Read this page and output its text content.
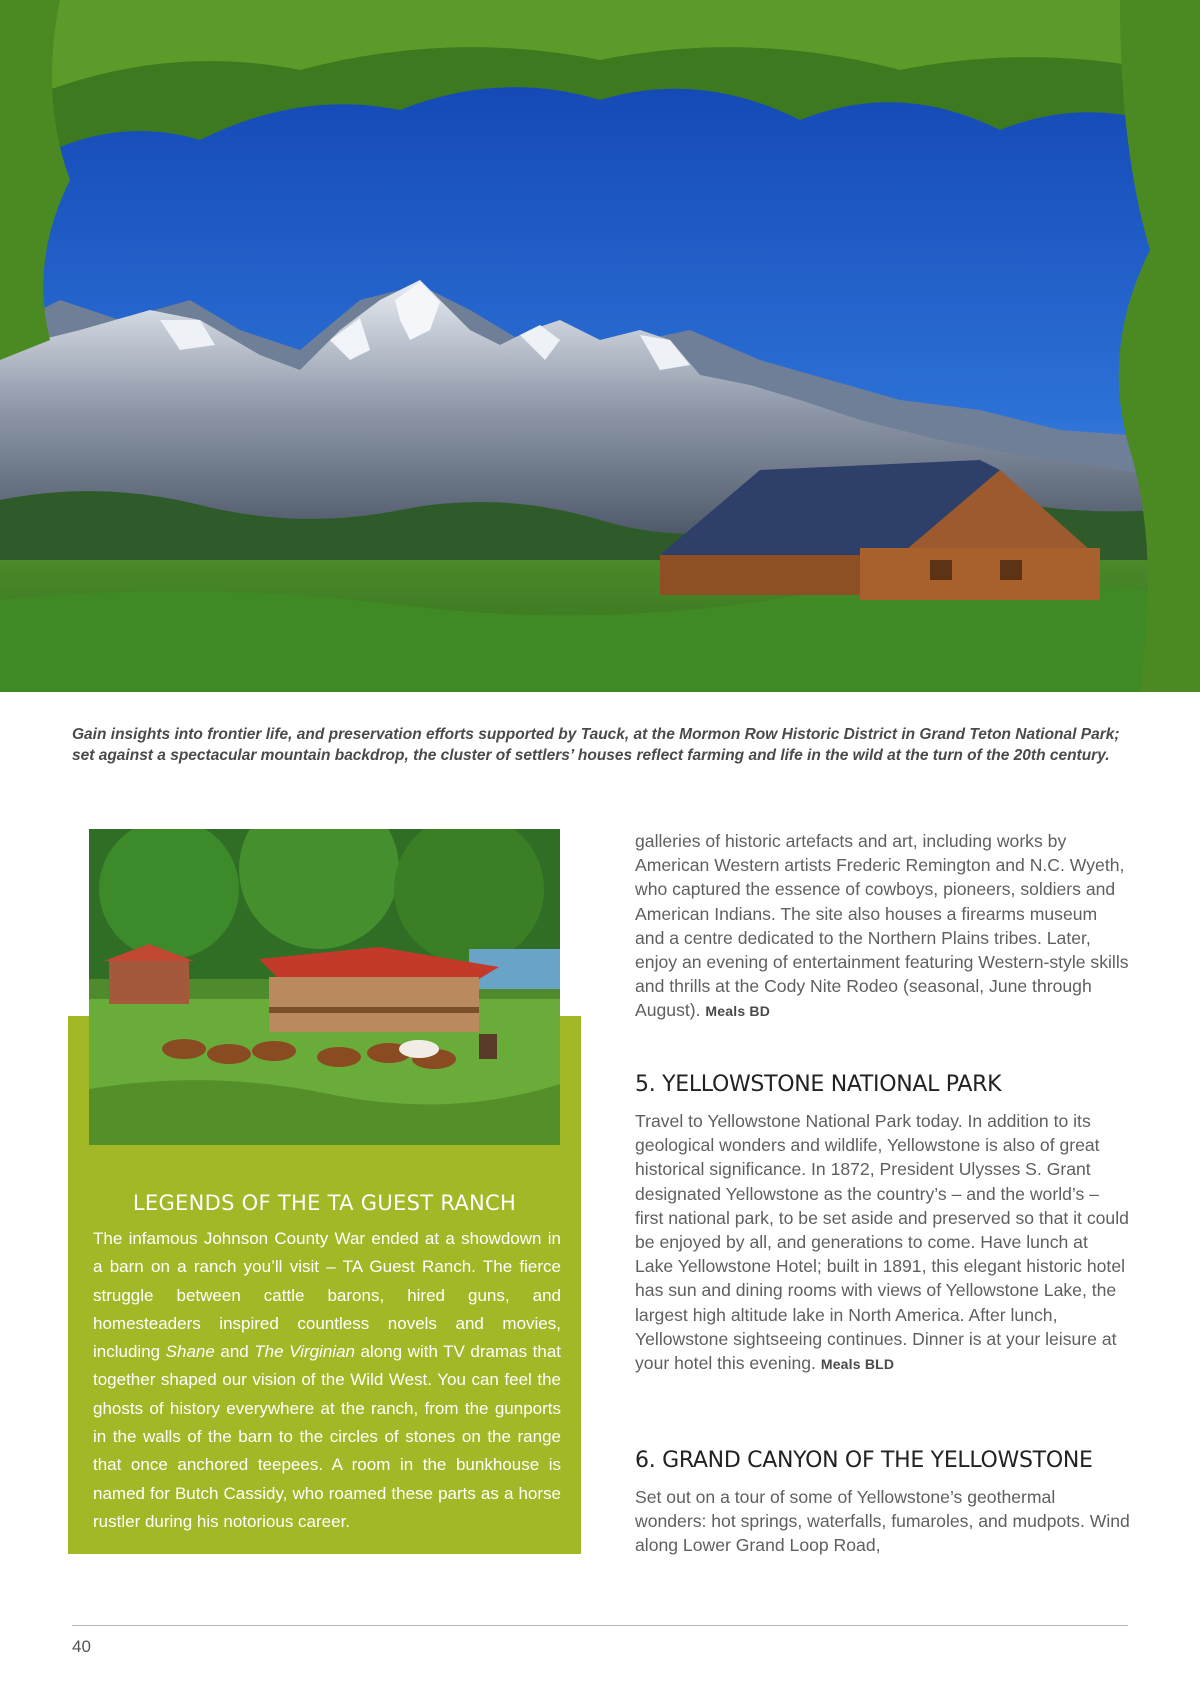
Gain insights into frontier life, and preservation efforts supported by Tauck, at the Mormon Row Historic District in Grand Teton National Park; set against a spectacular mountain backdrop, the cluster of settlers’ houses reflect farming and life in the wild at the turn of the 20th century.

LEGENDS OF THE TA GUEST RANCH

The infamous Johnson County War ended at a showdown in a barn on a ranch you’ll visit – TA Guest Ranch. The fierce struggle between cattle barons, hired guns, and homesteaders inspired countless novels and movies, including Shane and The Virginian along with TV dramas that together shaped our vision of the Wild West. You can feel the ghosts of history everywhere at the ranch, from the gunports in the walls of the barn to the circles of stones on the range that once anchored teepees. A room in the bunkhouse is named for Butch Cassidy, who roamed these parts as a horse rustler during his notorious career.

galleries of historic artefacts and art, including works by American Western artists Frederic Remington and N.C. Wyeth, who captured the essence of cowboys, pioneers, soldiers and American Indians. The site also houses a firearms museum and a centre dedicated to the Northern Plains tribes. Later, enjoy an evening of entertainment featuring Western-style skills and thrills at the Cody Nite Rodeo (seasonal, June through August). Meals BD

5. YELLOWSTONE NATIONAL PARK

Travel to Yellowstone National Park today. In addition to its geological wonders and wildlife, Yellowstone is also of great historical significance. In 1872, President Ulysses S. Grant designated Yellowstone as the country’s – and the world’s – first national park, to be set aside and preserved so that it could be enjoyed by all, and generations to come. Have lunch at Lake Yellowstone Hotel; built in 1891, this elegant historic hotel has sun and dining rooms with views of Yellowstone Lake, the largest high altitude lake in North America. After lunch, Yellowstone sightseeing continues. Dinner is at your leisure at your hotel this evening. Meals BLD

6. GRAND CANYON OF THE YELLOWSTONE

Set out on a tour of some of Yellowstone’s geothermal wonders: hot springs, waterfalls, fumaroles, and mudpots. Wind along Lower Grand Loop Road,

40
